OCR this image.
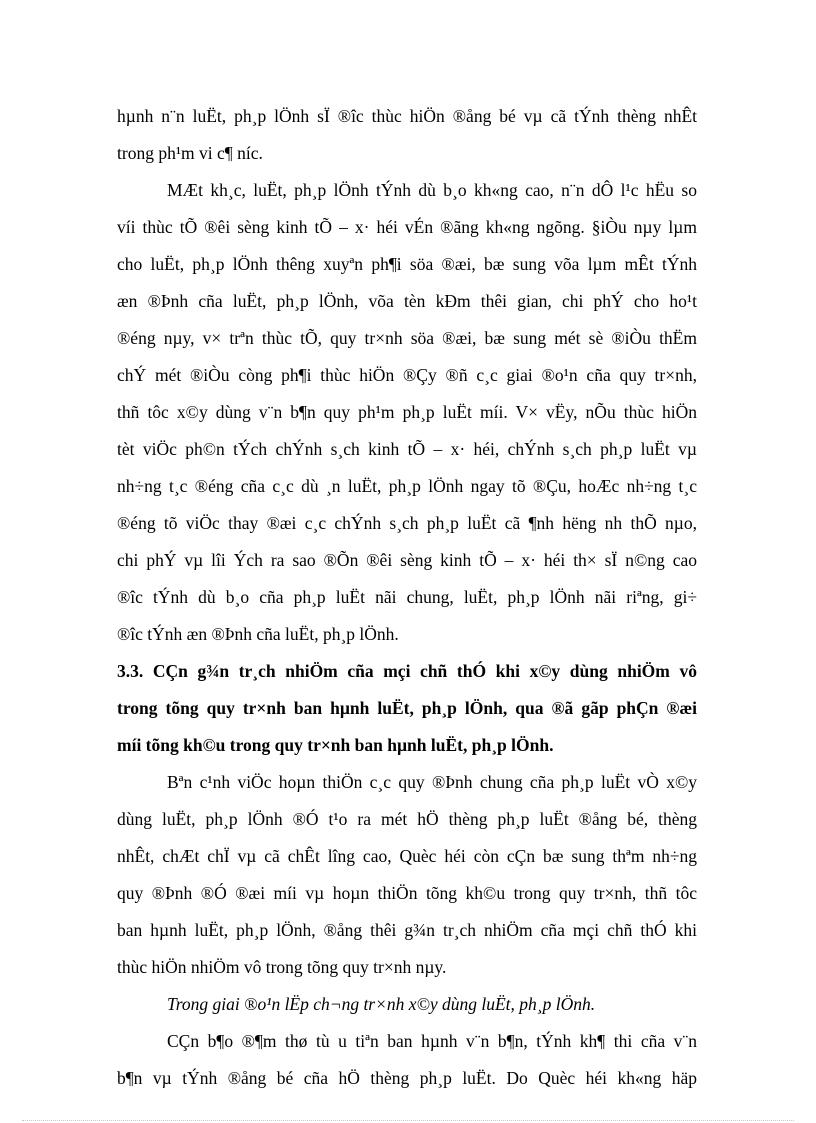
hµnh n¨n luËt, ph¸p lÖnh sÏ ®îc thùc hiÖn ®ång bé vµ cã tÝnh thèng nhÊt
trong ph¹m vi c¶ níc.
MÆt kh¸c, luËt, ph¸p lÖnh tÝnh dù b¸o kh«ng cao, n¨n dÔ l¹c hËu so
víi thùc tÕ ®êi sèng kinh tÕ – x· héi vÉn ®ãng kh«ng ngõng. §iÒu nµy lµm
cho luËt, ph¸p lÖnh thêng xuyªn ph¶i söa ®æi, bæ sung võa lµm mÊt tÝnh
æn ®Þnh cña luËt, ph¸p lÖnh, võa tèn kÐm thêi gian, chi phÝ cho ho¹t
®éng nµy, v× trªn thùc tÕ, quy tr×nh söa ®æi, bæ sung mét sè ®iÒu thËm
chÝ mét ®iÒu còng ph¶i thùc hiÖn ®Çy ®ñ c¸c giai ®o¹n cña quy tr×nh,
thñ tôc x©y dùng v¨n b¶n quy ph¹m ph¸p luËt míi. V× vËy, nÕu thùc hiÖn
tèt viÖc ph©n tÝch chÝnh s¸ch kinh tÕ – x· héi, chÝnh s¸ch ph¸p luËt vµ
nh÷ng t¸c ®éng cña c¸c dù ¸n luËt, ph¸p lÖnh ngay tõ ®Çu, hoÆc nh÷ng t¸c
®éng tõ viÖc thay ®æi c¸c chÝnh s¸ch ph¸p luËt cã ¶nh hëng nh thÕ nµo,
chi phÝ vµ lîi Ých ra sao ®Õn ®êi sèng kinh tÕ – x· héi th× sÏ n©ng cao
®îc tÝnh dù b¸o cña ph¸p luËt nãi chung, luËt, ph¸p lÖnh nãi riªng, gi÷
®îc tÝnh æn ®Þnh cña luËt, ph¸p lÖnh.
3.3. CÇn g¾n tr¸ch nhiÖm cña mçi chñ thÓ khi x©y dùng nhiÖm vô
trong tõng quy tr×nh ban hµnh luËt, ph¸p lÖnh, qua ®ã gãp phÇn ®æi
míi tõng kh©u trong quy tr×nh ban hµnh luËt, ph¸p lÖnh.
Bªn c¹nh viÖc hoµn thiÖn c¸c quy ®Þnh chung cña ph¸p luËt vÒ x©y
dùng luËt, ph¸p lÖnh ®Ó t¹o ra mét hÖ thèng ph¸p luËt ®ång bé, thèng
nhÊt, chÆt chÏ vµ cã chÊt lîng cao, Quèc héi còn cÇn bæ sung thªm nh÷ng
quy ®Þnh ®Ó ®æi míi vµ hoµn thiÖn tõng kh©u trong quy tr×nh, thñ tôc
ban hµnh luËt, ph¸p lÖnh, ®ång thêi g¾n tr¸ch nhiÖm cña mçi chñ thÓ khi
thùc hiÖn nhiÖm vô trong tõng quy tr×nh nµy.
Trong giai ®o¹n lËp ch¬ng tr×nh x©y dùng luËt, ph¸p lÖnh.
CÇn b¶o ®¶m thø tù u tiªn ban hµnh v¨n b¶n, tÝnh kh¶ thi cña v¨n
b¶n vµ tÝnh ®ång bé cña hÖ thèng ph¸p luËt. Do Quèc héi kh«ng häp
